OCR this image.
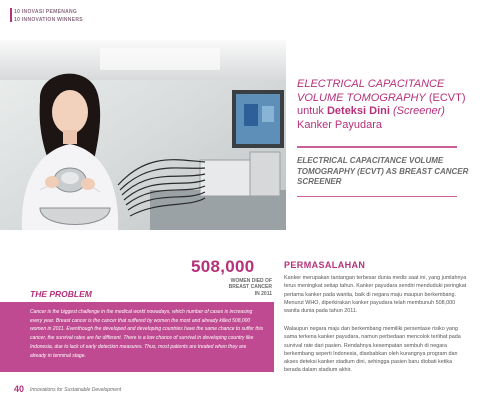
10 INOVASI PEMENANG
10 INNOVATION WINNERS
ELECTRICAL CAPACITANCE
VOLUME TOMOGRAPHY (ECVT)
untuk Deteksi Dini (Screener)
Kanker Payudara
ELECTRICAL CAPACITANCE VOLUME TOMOGRAPHY (ECVT) AS BREAST CANCER SCREENER
508,000
WOMEN DIED OF
BREAST CANCER
IN 2011
THE PROBLEM

Cancer is the biggest challenge in the medical world nowadays, which number of cases is increasing every year. Breast cancer is the cancer that suffered by women the most and already killed 508,000 women in 2011. Eventhough the developed and developing countries have the same chance to suffer this cancer, the survival rates are far different. There is a low chance of survival in developing country like Indonesia, due to lack of early detection measures. Thus, most patients are treated when they are already in terminal stage.

PERMASALAHAN
Kanker merupakan tantangan terbesar dunia medis saat ini, yang jumlahnya terus meningkat setiap tahun. Kanker payudara sendiri menduduki peringkat pertama kanker pada wanita, baik di negara maju maupun berkembang. Menurut WHO, diperkirakan kanker payudara telah membunuh 508,000 wanita dunia pada tahun 2011.
Walaupun negara maju dan berkembang memiliki persentase risiko yang sama terkena kanker payudara, namun perbedaan mencolok terlihat pada survival rate dari pasien. Rendahnya kesempatan sembuh di negara berkembang seperti Indonesia, disebabkan oleh kurangnya program dan akses deteksi kanker stadium dini, sehingga pasien baru diobati ketika berada dalam stadium akhir.
40 Innovations for Sustainable Development
